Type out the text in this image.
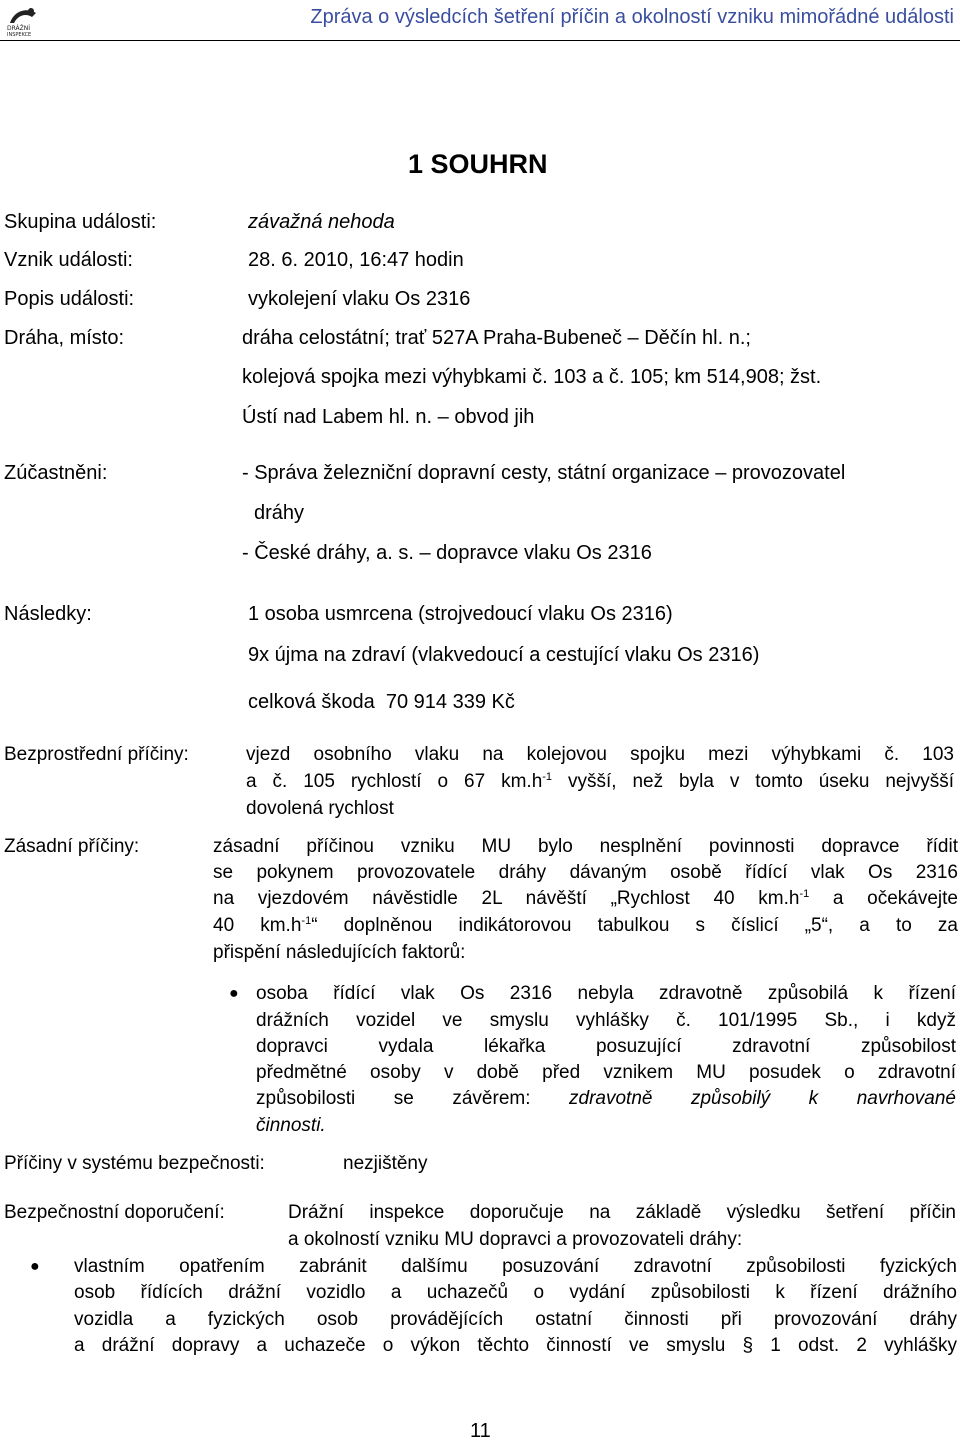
DRÁŽNÍ
INSPEKCE
Zpráva o výsledcích šetření příčin a okolností vzniku mimořádné události
1 SOUHRN
Skupina události:	závažná nehoda
Vznik události:	28. 6. 2010, 16:47 hodin
Popis události:	vykolejení vlaku Os 2316
Dráha, místo:	dráha celostátní; trať 527A Praha-Bubeneč – Děčín hl. n.;
kolejová spojka mezi výhybkami č. 103 a č. 105; km 514,908; žst.
Ústí nad Labem hl. n. – obvod jih
Zúčastněni:	- Správa železniční dopravní cesty, státní organizace – provozovatel
dráhy
- České dráhy, a. s. – dopravce vlaku Os 2316
Následky:	1 osoba usmrcena (strojvedoucí vlaku Os 2316)
9x újma na zdraví (vlakvedoucí a cestující vlaku Os 2316)
celková škoda  70 914 339 Kč
Bezprostřední příčiny:	vjezd osobního vlaku na kolejovou spojku mezi výhybkami č. 103
a č. 105 rychlostí o 67 $km.h^{-1}$ vyšší, než byla v tomto úseku nejvyšší
dovolená rychlost
Zásadní příčiny:	zásadní příčinou vzniku MU bylo nesplnění povinnosti dopravce řídit
se pokynem provozovatele dráhy dávaným osobě řídící vlak Os 2316
na vjezdovém návěstidle 2L návěští „Rychlost 40 $km.h^{-1}$ a očekávejte
40 $km.h^{-1}“$ doplněnou indikátorovou tabulkou s číslicí „5“, a to za
přispění následujících faktorů:
● osoba řídící vlak Os 2316 nebyla zdravotně způsobilá k řízení
drážních vozidel ve smyslu vyhlášky č. 101/1995 Sb., i když
dopravci vydala lékařka posuzující zdravotní způsobilost
předmětné osoby v době před vznikem MU posudek o zdravotní
způsobilosti se závěrem: zdravotně způsobilý k navrhované
činnosti.
Příčiny v systému bezpečnosti:	nezjištěny
Bezpečnostní doporučení:	Drážní inspekce doporučuje na základě výsledku šetření příčin
a okolností vzniku MU dopravci a provozovateli dráhy:
● vlastním opatřením zabránit dalšímu posuzování zdravotní způsobilosti fyzických
osob řídících drážní vozidlo a uchazečů o vydání způsobilosti k řízení drážního
vozidla a fyzických osob provádějících ostatní činnosti při provozování dráhy
a drážní dopravy a uchazeče o výkon těchto činností ve smyslu § 1 odst. 2 vyhlášky
11
